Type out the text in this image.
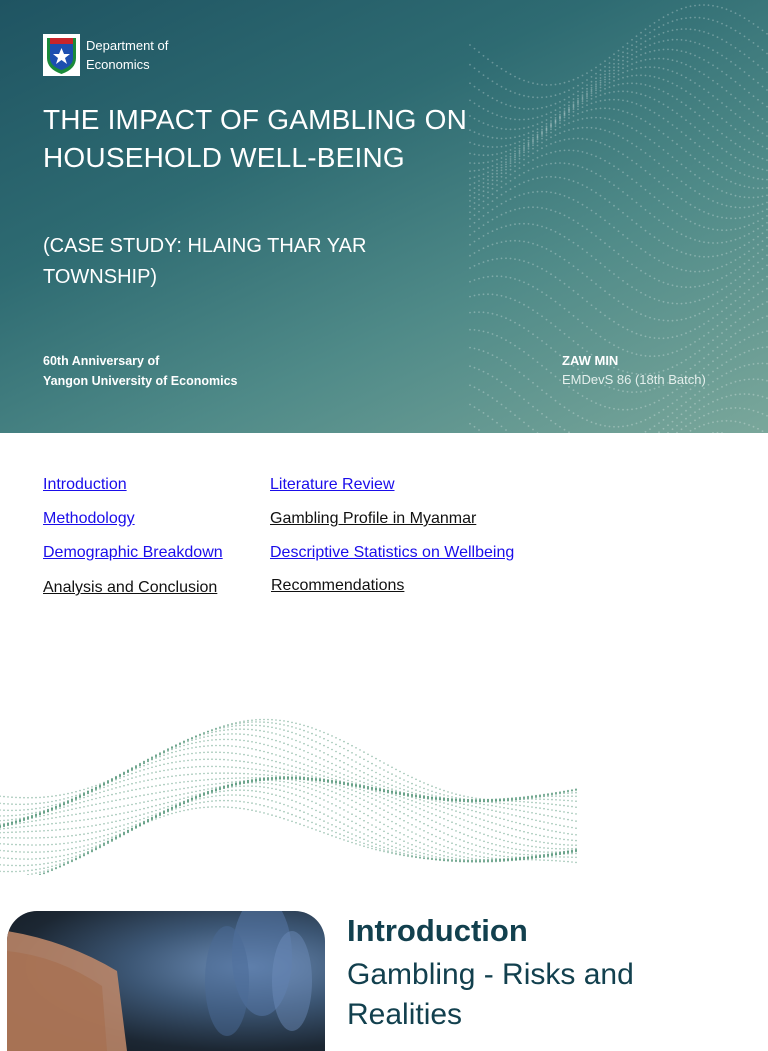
Department of
Economics
THE IMPACT OF GAMBLING ON HOUSEHOLD WELL-BEING
(CASE STUDY: HLAING THAR YAR TOWNSHIP)
60th Anniversary of
Yangon University of Economics
ZAW MIN
EMDevS 86 (18th Batch)
Introduction	Literature Review
Methodology	Gambling Profile in Myanmar
Demographic Breakdown	Descriptive Statistics on Wellbeing
Analysis and Conclusion	Recommendations
Introduction
Gambling - Risks and Realities
